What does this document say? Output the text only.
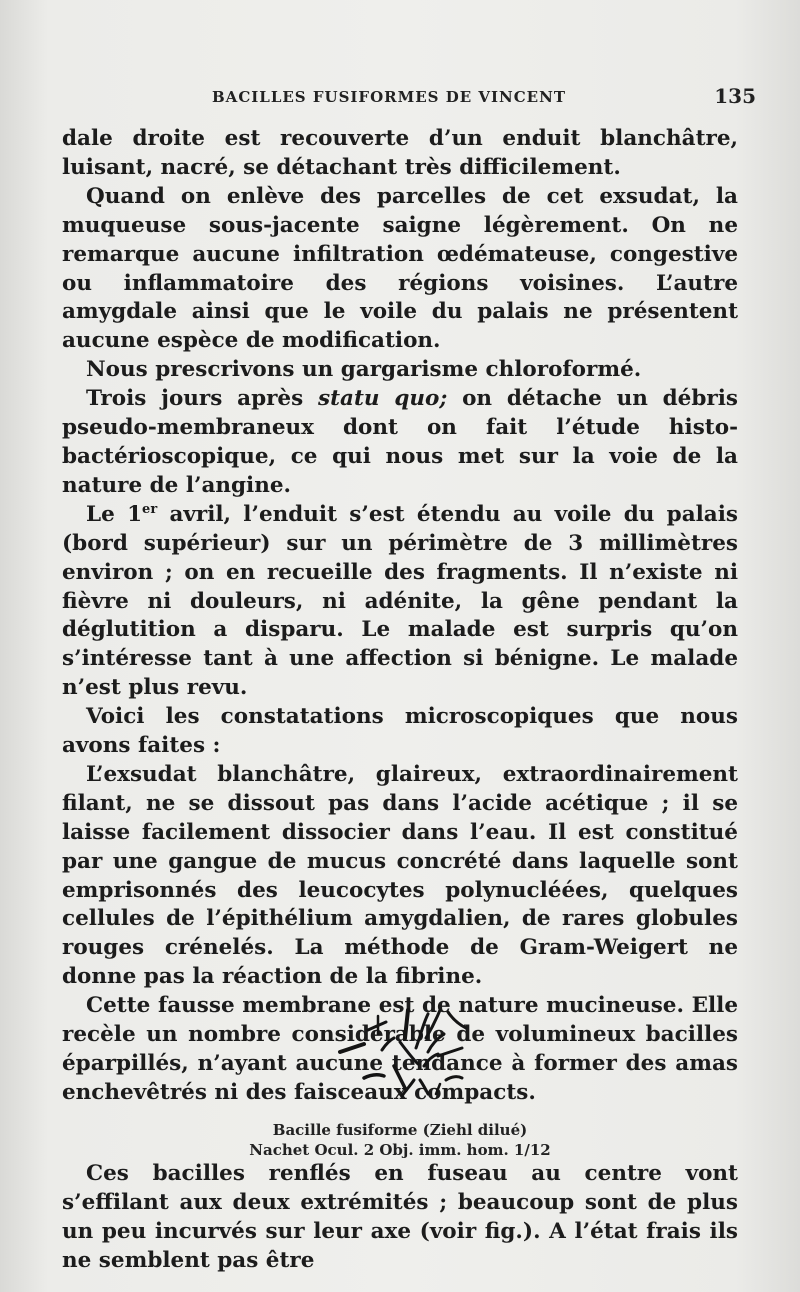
BACILLES FUSIFORMES DE VINCENT	135

dale droite est recouverte d’un enduit blanchâtre, luisant, nacré, se détachant très difficilement.

Quand on enlève des parcelles de cet exsudat, la muqueuse sous-jacente saigne légèrement. On ne remarque aucune infiltration œdémateuse, congestive ou inflammatoire des régions voisines. L’autre amygdale ainsi que le voile du palais ne présentent aucune espèce de modification.

Nous prescrivons un gargarisme chloroformé.

Trois jours après statu quo; on détache un débris pseudo-membraneux dont on fait l’étude histo-bactérioscopique, ce qui nous met sur la voie de la nature de l’angine.

Le 1er avril, l’enduit s’est étendu au voile du palais (bord supérieur) sur un périmètre de 3 millimètres environ ; on en recueille des fragments. Il n’existe ni fièvre ni douleurs, ni adénite, la gêne pendant la déglutition a disparu. Le malade est surpris qu’on s’intéresse tant à une affection si bénigne. Le malade n’est plus revu.

Voici les constatations microscopiques que nous avons faites :

L’exsudat blanchâtre, glaireux, extraordinairement filant, ne se dissout pas dans l’acide acétique ; il se laisse facilement dissocier dans l’eau. Il est constitué par une gangue de mucus concrété dans laquelle sont emprisonnés des leucocytes polynucléées, quelques cellules de l’épithélium amygdalien, de rares globules rouges crénelés. La méthode de Gram-Weigert ne donne pas la réaction de la fibrine.

Cette fausse membrane est de nature mucineuse. Elle recèle un nombre considérable de volumineux bacilles éparpillés, n’ayant aucune tendance à former des amas enchevêtrés ni des faisceaux compacts.

Bacille fusiforme (Ziehl dilué)
Nachet Ocul. 2 Obj. imm. hom. 1/12

Ces bacilles renflés en fuseau au centre vont s’effilant aux deux extrémités ; beaucoup sont de plus un peu incurvés sur leur axe (voir fig.). A l’état frais ils ne semblent pas être
